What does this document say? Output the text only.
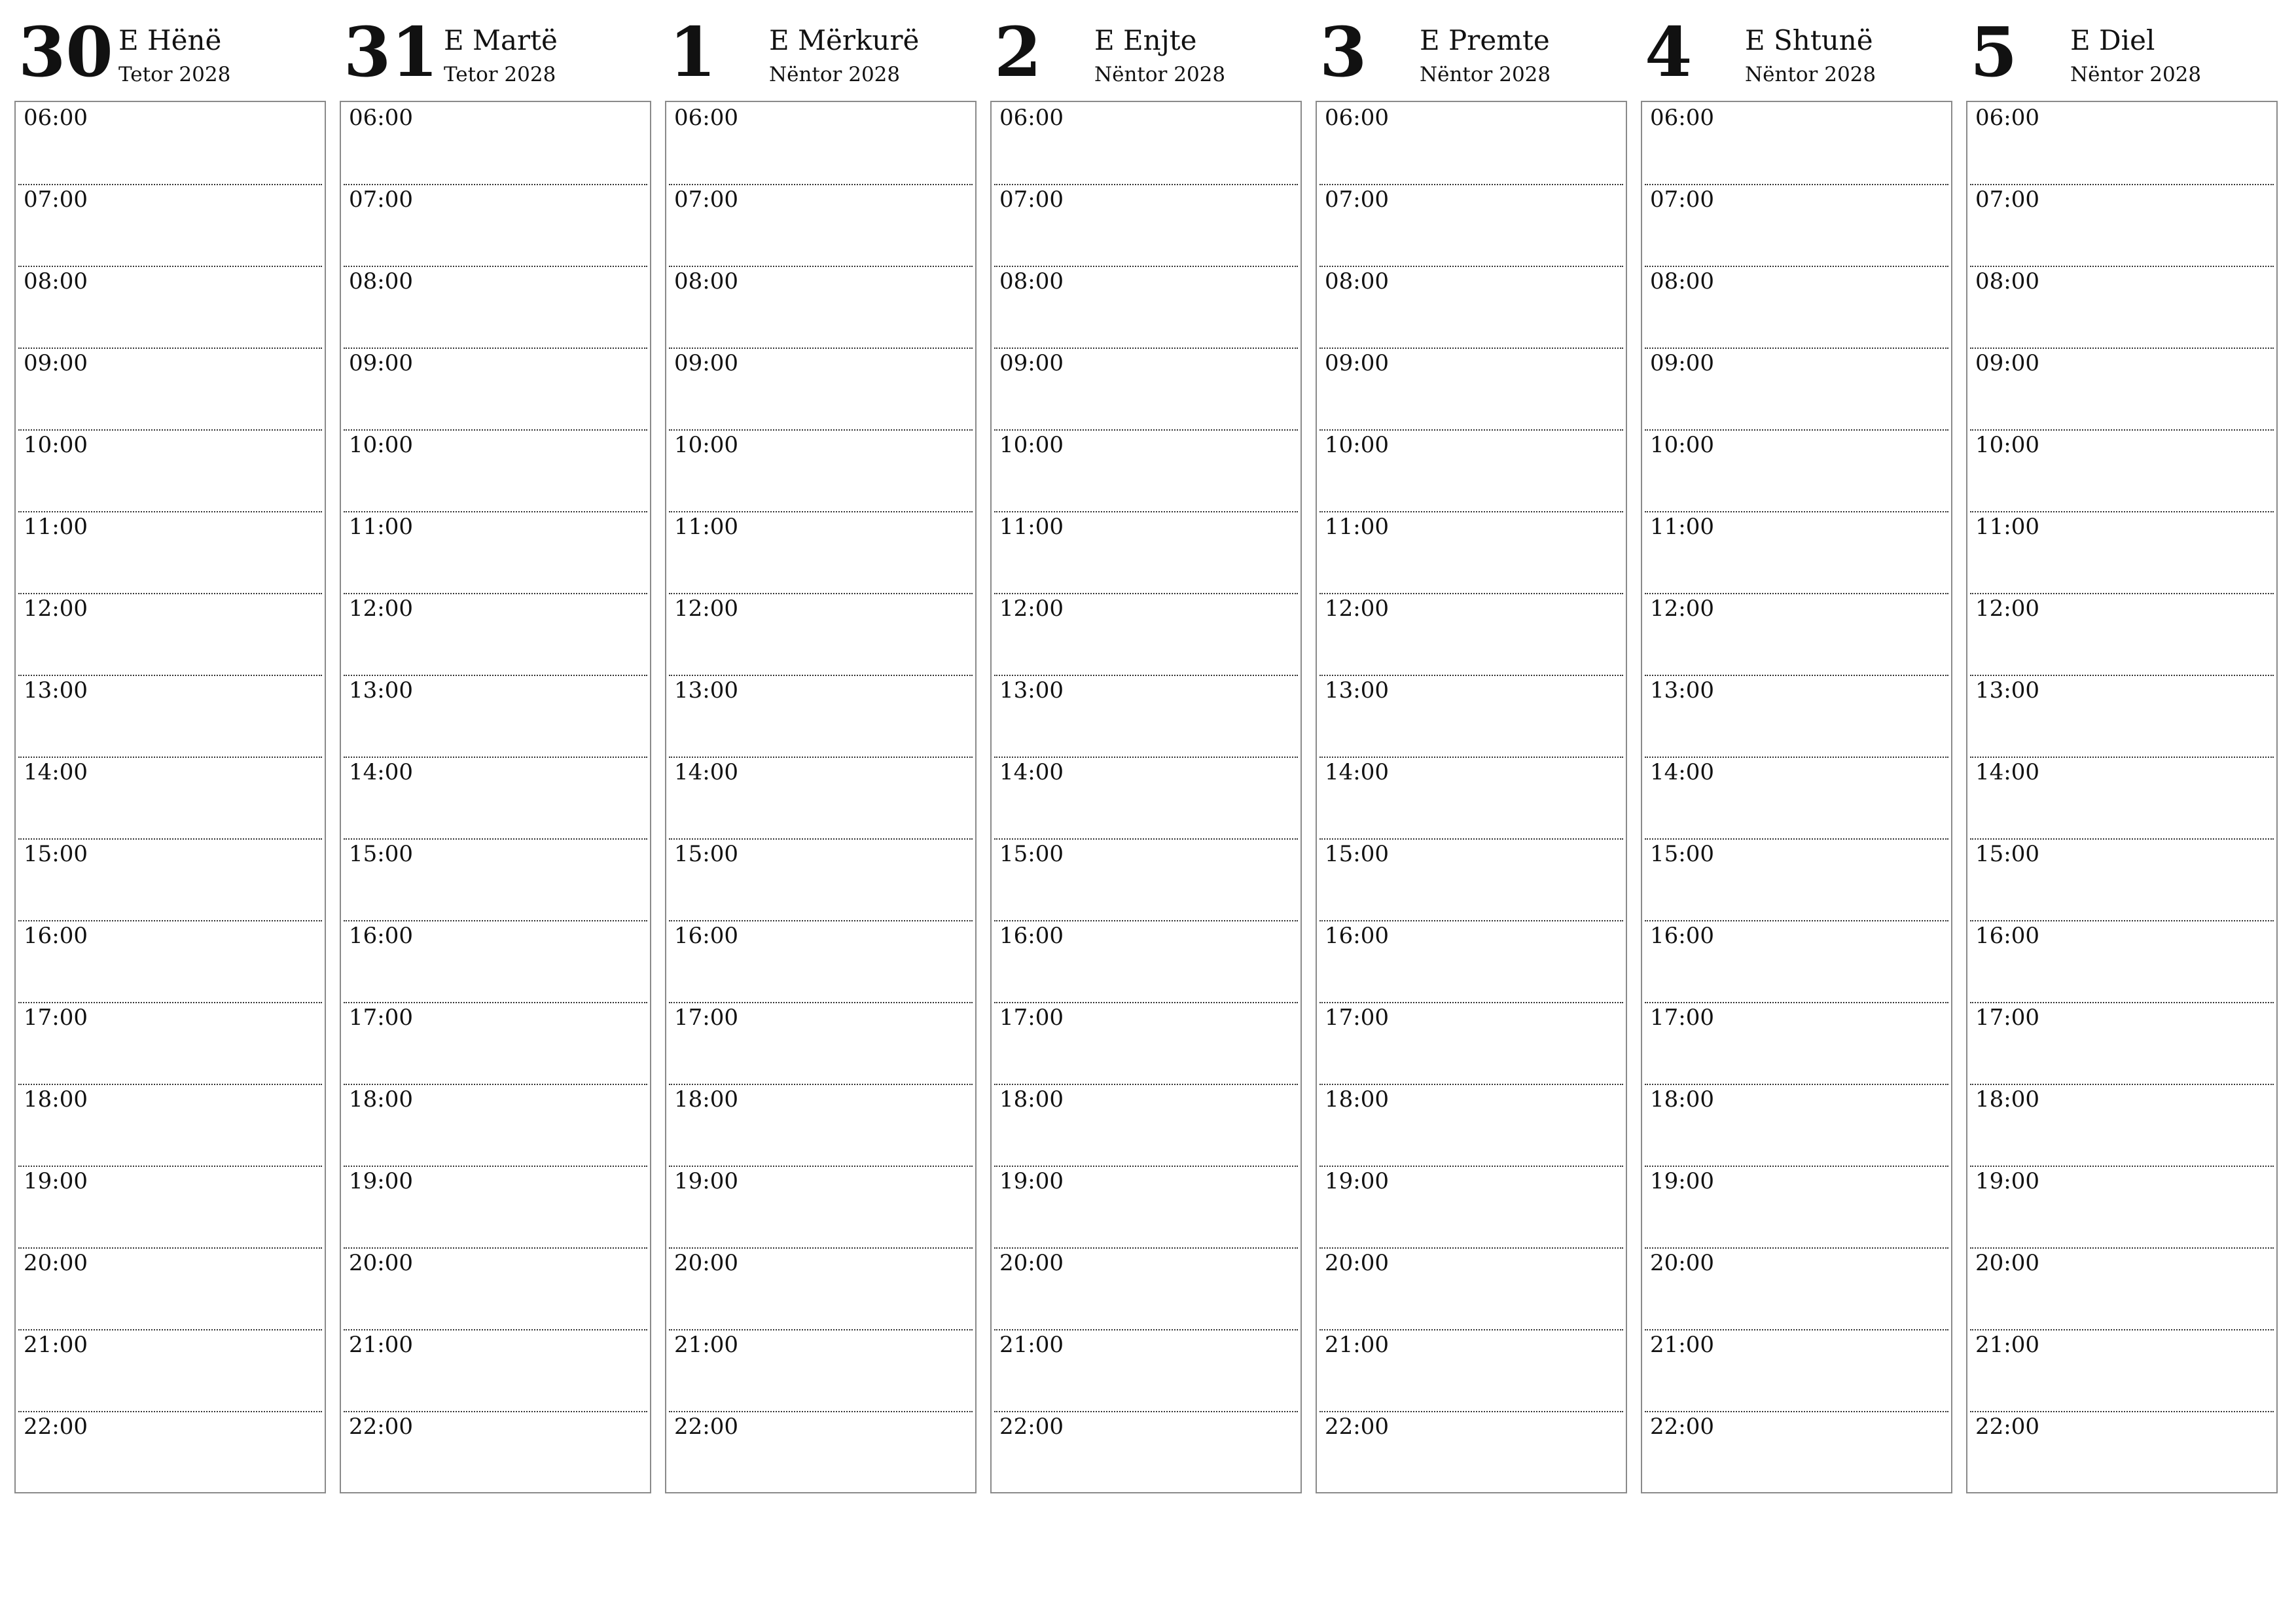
30 E Hënë
Tetor 2028
06:00
07:00
08:00
09:00
10:00
11:00
12:00
13:00
14:00
15:00
16:00
17:00
18:00
19:00
20:00
21:00
22:00
31 E Martë
Tetor 2028
06:00
07:00
08:00
09:00
10:00
11:00
12:00
13:00
14:00
15:00
16:00
17:00
18:00
19:00
20:00
21:00
22:00
1 E Mërkurë
Nëntor 2028
06:00
07:00
08:00
09:00
10:00
11:00
12:00
13:00
14:00
15:00
16:00
17:00
18:00
19:00
20:00
21:00
22:00
2 E Enjte
Nëntor 2028
06:00
07:00
08:00
09:00
10:00
11:00
12:00
13:00
14:00
15:00
16:00
17:00
18:00
19:00
20:00
21:00
22:00
3 E Premte
Nëntor 2028
06:00
07:00
08:00
09:00
10:00
11:00
12:00
13:00
14:00
15:00
16:00
17:00
18:00
19:00
20:00
21:00
22:00
4 E Shtunë
Nëntor 2028
06:00
07:00
08:00
09:00
10:00
11:00
12:00
13:00
14:00
15:00
16:00
17:00
18:00
19:00
20:00
21:00
22:00
5 E Diel
Nëntor 2028
06:00
07:00
08:00
09:00
10:00
11:00
12:00
13:00
14:00
15:00
16:00
17:00
18:00
19:00
20:00
21:00
22:00
